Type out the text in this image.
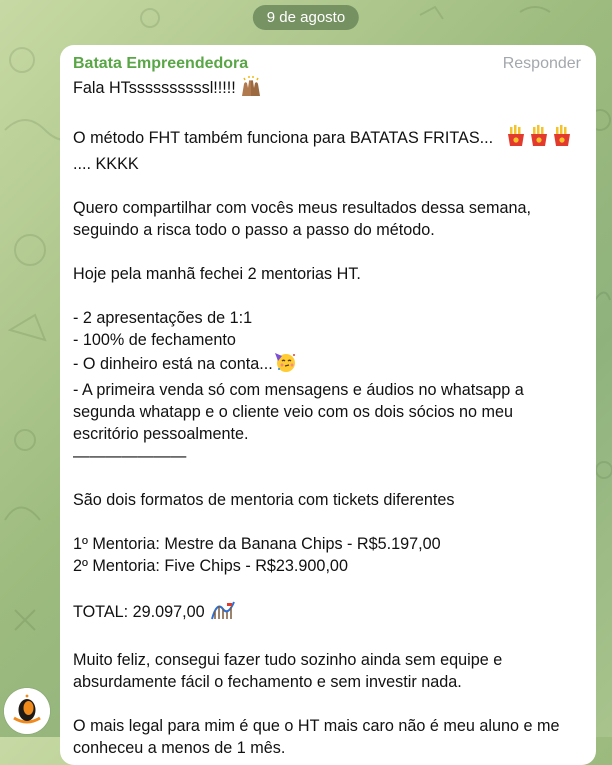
9 de agosto
Batata Empreendedora	Responder
Fala HTssssssssssl!!!!!
O método FHT também funciona para BATATAS FRITAS...
.... KKKK
Quero compartilhar com vocês meus resultados dessa semana,
seguindo a risca todo o passo a passo do método.
Hoje pela manhã fechei 2 mentorias HT.
- 2 apresentações de 1:1
- 100% de fechamento
- O dinheiro está na conta...
- A primeira venda só com mensagens e áudios no whatsapp a
segunda whatapp e o cliente veio com os dois sócios no meu
escritório pessoalmente.
———————
São dois formatos de mentoria com tickets diferentes
1º Mentoria: Mestre da Banana Chips - R$5.197,00
2º Mentoria: Five Chips - R$23.900,00
TOTAL: 29.097,00
Muito feliz, consegui fazer tudo sozinho ainda sem equipe e
absurdamente fácil o fechamento e sem investir nada.
O mais legal para mim é que o HT mais caro não é meu aluno e me
conheceu a menos de 1 mês.
